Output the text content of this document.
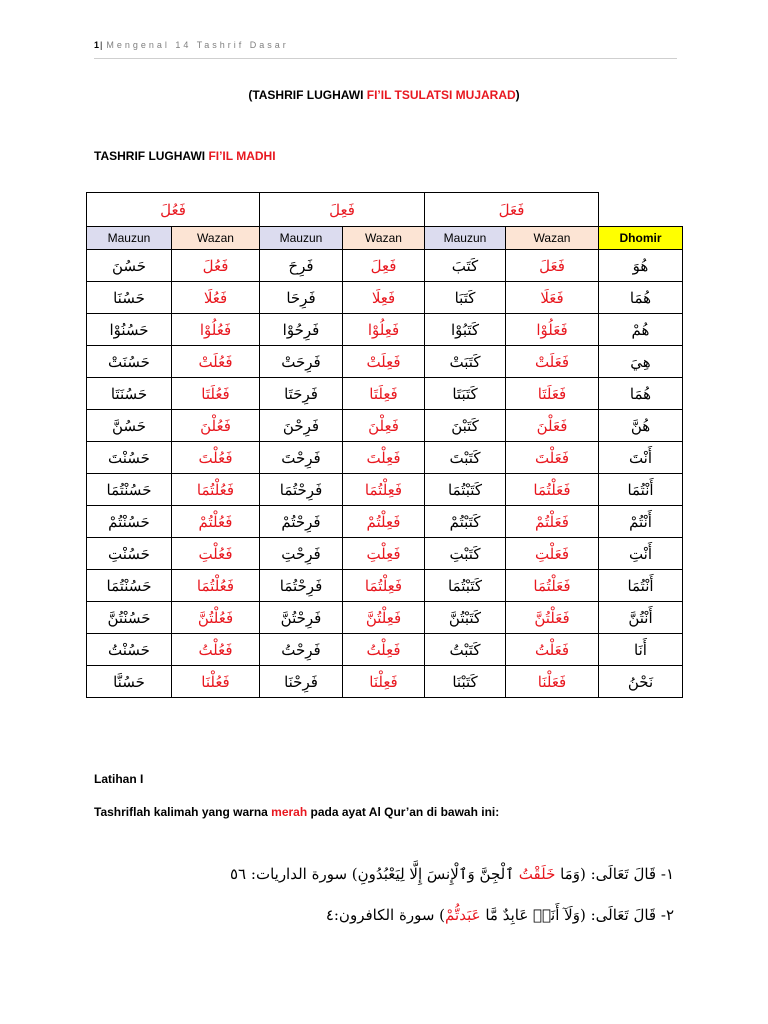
1| Mengenal 14 Tashrif Dasar
(TASHRIF LUGHAWI FI’IL TSULATSI MUJARAD)
TASHRIF LUGHAWI FI’IL MADHI
فَعُلَ		فَعِلَ		فَعَلَ		
Mauzun	Wazan	Mauzun	Wazan	Mauzun	Wazan	Dhomir
حَسُنَ	فَعُلَ	فَرِحَ	فَعِلَ	كَتَبَ	فَعَلَ	هُوَ
حَسُنَا	فَعُلَا	فَرِحَا	فَعِلَا	كَتَبَا	فَعَلَا	هُمَا
حَسُنُوْا	فَعُلُوْا	فَرِحُوْا	فَعِلُوْا	كَتَبُوْا	فَعَلُوْا	هُمْ
حَسُنَتْ	فَعُلَتْ	فَرِحَتْ	فَعِلَتْ	كَتَبَتْ	فَعَلَتْ	هِيَ
حَسُنَتَا	فَعُلَتَا	فَرِحَتَا	فَعِلَتَا	كَتَبَتَا	فَعَلَتَا	هُمَا
حَسُنَّ	فَعُلْنَ	فَرِحْنَ	فَعِلْنَ	كَتَبْنَ	فَعَلْنَ	هُنَّ
حَسُنْتَ	فَعُلْتَ	فَرِحْتَ	فَعِلْتَ	كَتَبْتَ	فَعَلْتَ	أَنْتَ
حَسُنْتُمَا	فَعُلْتُمَا	فَرِحْتُمَا	فَعِلْتُمَا	كَتَبْتُمَا	فَعَلْتُمَا	أَنْتُمَا
حَسُنْتُمْ	فَعُلْتُمْ	فَرِحْتُمْ	فَعِلْتُمْ	كَتَبْتُمْ	فَعَلْتُمْ	أَنْتُمْ
حَسُنْتِ	فَعُلْتِ	فَرِحْتِ	فَعِلْتِ	كَتَبْتِ	فَعَلْتِ	أَنْتِ
حَسُنْتُمَا	فَعُلْتُمَا	فَرِحْتُمَا	فَعِلْتُمَا	كَتَبْتُمَا	فَعَلْتُمَا	أَنْتُمَا
حَسُنْتُنَّ	فَعُلْتُنَّ	فَرِحْتُنَّ	فَعِلْتُنَّ	كَتَبْتُنَّ	فَعَلْتُنَّ	أَنْتُنَّ
حَسُنْتُ	فَعُلْتُ	فَرِحْتُ	فَعِلْتُ	كَتَبْتُ	فَعَلْتُ	أَنَا
حَسُنَّا	فَعُلْنَا	فَرِحْنَا	فَعِلْنَا	كَتَبْنَا	فَعَلْنَا	نَحْنُ
Latihan I
Tashriflah kalimah yang warna merah pada ayat Al Qur’an di bawah ini:
١- قَالَ تَعَالَى: (وَمَا خَلَقْتُ ٱلْجِنَّ وَٱلْإِنسَ إِلَّا لِيَعْبُدُونِ) سورة الداريات: ٥٦
٢- قَالَ تَعَالَى: (وَلَآ أَنَا۠ عَابِدٌ مَّا عَبَدتُّمْ) سورة الكافرون:٤
